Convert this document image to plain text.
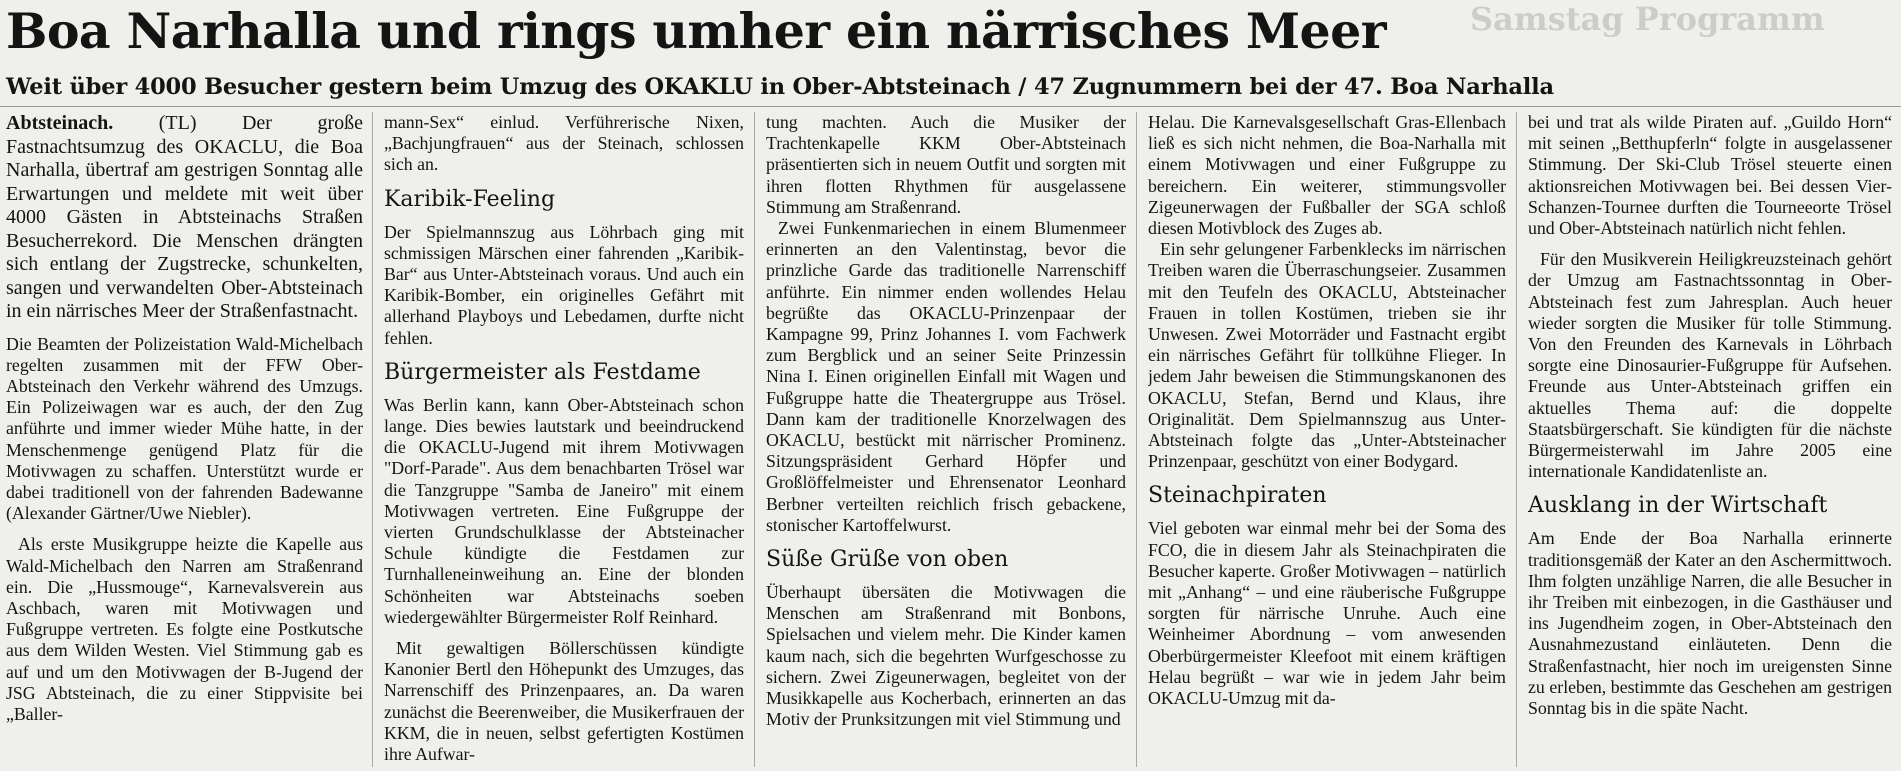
Boa Narhalla und rings umher ein närrisches Meer	Samstag Programm
Weit über 4000 Besucher gestern beim Umzug des OKAKLU in Ober-Abtsteinach / 47 Zugnummern bei der 47. Boa Narhalla

Abtsteinach. (TL) Der große Fastnachtsumzug des OKACLU, die Boa Narhalla, übertraf am gestrigen Sonntag alle Erwartungen und meldete mit weit über 4000 Gästen in Abtsteinachs Straßen Besucherrekord. Die Menschen drängten sich entlang der Zugstrecke, schunkelten, sangen und verwandelten Ober-Abtsteinach in ein närrisches Meer der Straßenfastnacht.

Die Beamten der Polizeistation Wald-Michelbach regelten zusammen mit der FFW Ober-Abtsteinach den Verkehr während des Umzugs. Ein Polizeiwagen war es auch, der den Zug anführte und immer wieder Mühe hatte, in der Menschenmenge genügend Platz für die Motivwagen zu schaffen. Unterstützt wurde er dabei traditionell von der fahrenden Badewanne (Alexander Gärtner/Uwe Niebler).

Als erste Musikgruppe heizte die Kapelle aus Wald-Michelbach den Narren am Straßenrand ein. Die „Hussmouge“, Karnevalsverein aus Aschbach, waren mit Motivwagen und Fußgruppe vertreten. Es folgte eine Postkutsche aus dem Wilden Westen. Viel Stimmung gab es auf und um den Motivwagen der B-Jugend der JSG Abtsteinach, die zu einer Stippvisite bei „Baller-

mann-Sex“ einlud. Verführerische Nixen, „Bachjungfrauen“ aus der Steinach, schlossen sich an.

Karibik-Feeling

Der Spielmannszug aus Löhrbach ging mit schmissigen Märschen einer fahrenden „Karibik-Bar“ aus Unter-Abtsteinach voraus. Und auch ein Karibik-Bomber, ein originelles Gefährt mit allerhand Playboys und Lebedamen, durfte nicht fehlen.

Bürgermeister als Festdame

Was Berlin kann, kann Ober-Abtsteinach schon lange. Dies bewies lautstark und beeindruckend die OKACLU-Jugend mit ihrem Motivwagen "Dorf-Parade". Aus dem benachbarten Trösel war die Tanzgruppe "Samba de Janeiro" mit einem Motivwagen vertreten. Eine Fußgruppe der vierten Grundschulklasse der Abtsteinacher Schule kündigte die Festdamen zur Turnhalleneinweihung an. Eine der blonden Schönheiten war Abtsteinachs soeben wiedergewählter Bürgermeister Rolf Reinhard.

Mit gewaltigen Böllerschüssen kündigte Kanonier Bertl den Höhepunkt des Umzuges, das Narrenschiff des Prinzenpaares, an. Da waren zunächst die Beerenweiber, die Musikerfrauen der KKM, die in neuen, selbst gefertigten Kostümen ihre Aufwar-

tung machten. Auch die Musiker der Trachtenkapelle KKM Ober-Abtsteinach präsentierten sich in neuem Outfit und sorgten mit ihren flotten Rhythmen für ausgelassene Stimmung am Straßenrand.

Zwei Funkenmariechen in einem Blumenmeer erinnerten an den Valentinstag, bevor die prinzliche Garde das traditionelle Narrenschiff anführte. Ein nimmer enden wollendes Helau begrüßte das OKACLU-Prinzenpaar der Kampagne 99, Prinz Johannes I. vom Fachwerk zum Bergblick und an seiner Seite Prinzessin Nina I. Einen originellen Einfall mit Wagen und Fußgruppe hatte die Theatergruppe aus Trösel. Dann kam der traditionelle Knorzelwagen des OKACLU, bestückt mit närrischer Prominenz. Sitzungspräsident Gerhard Höpfer und Großlöffelmeister und Ehrensenator Leonhard Berbner verteilten reichlich frisch gebackene, stonischer Kartoffelwurst.

Süße Grüße von oben

Überhaupt übersäten die Motivwagen die Menschen am Straßenrand mit Bonbons, Spielsachen und vielem mehr. Die Kinder kamen kaum nach, sich die begehrten Wurfgeschosse zu sichern. Zwei Zigeunerwagen, begleitet von der Musikkapelle aus Kocherbach, erinnerten an das Motiv der Prunksitzungen mit viel Stimmung und

Helau. Die Karnevalsgesellschaft Gras-Ellenbach ließ es sich nicht nehmen, die Boa-Narhalla mit einem Motivwagen und einer Fußgruppe zu bereichern. Ein weiterer, stimmungsvoller Zigeunerwagen der Fußballer der SGA schloß diesen Motivblock des Zuges ab.

Ein sehr gelungener Farbenklecks im närrischen Treiben waren die Überraschungseier. Zusammen mit den Teufeln des OKACLU, Abtsteinacher Frauen in tollen Kostümen, trieben sie ihr Unwesen. Zwei Motorräder und Fastnacht ergibt ein närrisches Gefährt für tollkühne Flieger. In jedem Jahr beweisen die Stimmungskanonen des OKACLU, Stefan, Bernd und Klaus, ihre Originalität. Dem Spielmannszug aus Unter-Abtsteinach folgte das „Unter-Abtsteinacher Prinzenpaar, geschützt von einer Bodygard.

Steinachpiraten

Viel geboten war einmal mehr bei der Soma des FCO, die in diesem Jahr als Steinachpiraten die Besucher kaperte. Großer Motivwagen – natürlich mit „Anhang“ – und eine räuberische Fußgruppe sorgten für närrische Unruhe. Auch eine Weinheimer Abordnung – vom anwesenden Oberbürgermeister Kleefoot mit einem kräftigen Helau begrüßt – war wie in jedem Jahr beim OKACLU-Umzug mit da-

bei und trat als wilde Piraten auf. „Guildo Horn“ mit seinen „Betthupferln“ folgte in ausgelassener Stimmung. Der Ski-Club Trösel steuerte einen aktionsreichen Motivwagen bei. Bei dessen Vier-Schanzen-Tournee durften die Tourneeorte Trösel und Ober-Abtsteinach natürlich nicht fehlen.

Für den Musikverein Heiligkreuzsteinach gehört der Umzug am Fastnachtssonntag in Ober-Abtsteinach fest zum Jahresplan. Auch heuer wieder sorgten die Musiker für tolle Stimmung. Von den Freunden des Karnevals in Löhrbach sorgte eine Dinosaurier-Fußgruppe für Aufsehen. Freunde aus Unter-Abtsteinach griffen ein aktuelles Thema auf: die doppelte Staatsbürgerschaft. Sie kündigten für die nächste Bürgermeisterwahl im Jahre 2005 eine internationale Kandidatenliste an.

Ausklang in der Wirtschaft

Am Ende der Boa Narhalla erinnerte traditionsgemäß der Kater an den Aschermittwoch. Ihm folgten unzählige Narren, die alle Besucher in ihr Treiben mit einbezogen, in die Gasthäuser und ins Jugendheim zogen, in Ober-Abtsteinach den Ausnahmezustand einläuteten. Denn die Straßenfastnacht, hier noch im ureigensten Sinne zu erleben, bestimmte das Geschehen am gestrigen Sonntag bis in die späte Nacht.
